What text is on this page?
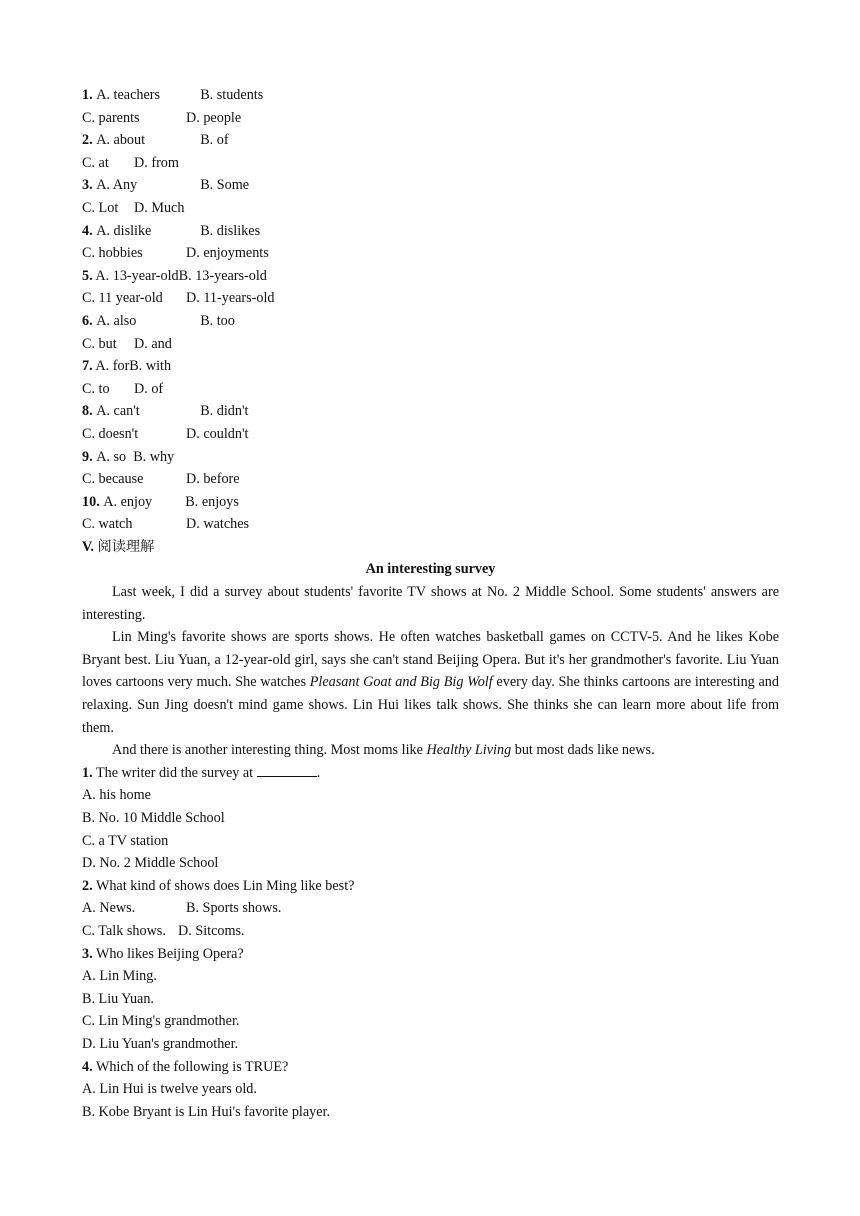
1. A. teachers	B. students
C. parents	D. people
2. A. about	B. of
C. at D. from
3. A. Any	B. Some
C. Lot D. Much
4. A. dislike	B. dislikes
C. hobbies	D. enjoyments
5. A. 13-year-oldB. 13-years-old
C. 11 year-old D. 11-years-old
6. A. also	B. too
C. but D. and
7. A. forB. with
C. to D. of
8. A. can't	B. didn't
C. doesn't	D. couldn't
9. A. so B. why
C. because	D. before
10. A. enjoy B. enjoys
C. watch	D. watches
V. 阅读理解
An interesting survey
Last week, I did a survey about students' favorite TV shows at No. 2 Middle School. Some students' answers are interesting.
Lin Ming's favorite shows are sports shows. He often watches basketball games on CCTV-5. And he likes Kobe Bryant best. Liu Yuan, a 12-year-old girl, says she can't stand Beijing Opera. But it's her grandmother's favorite. Liu Yuan loves cartoons very much. She watches Pleasant Goat and Big Big Wolf every day. She thinks cartoons are interesting and relaxing. Sun Jing doesn't mind game shows. Lin Hui likes talk shows. She thinks she can learn more about life from them.
And there is another interesting thing. Most moms like Healthy Living but most dads like news.
1. The writer did the survey at	.
A. his home
B. No. 10 Middle School
C. a TV station
D. No. 2 Middle School
2. What kind of shows does Lin Ming like best?
A. News.	B. Sports shows.
C. Talk shows. D. Sitcoms.
3. Who likes Beijing Opera?
A. Lin Ming.
B. Liu Yuan.
C. Lin Ming's grandmother.
D. Liu Yuan's grandmother.
4. Which of the following is TRUE?
A. Lin Hui is twelve years old.
B. Kobe Bryant is Lin Hui's favorite player.
